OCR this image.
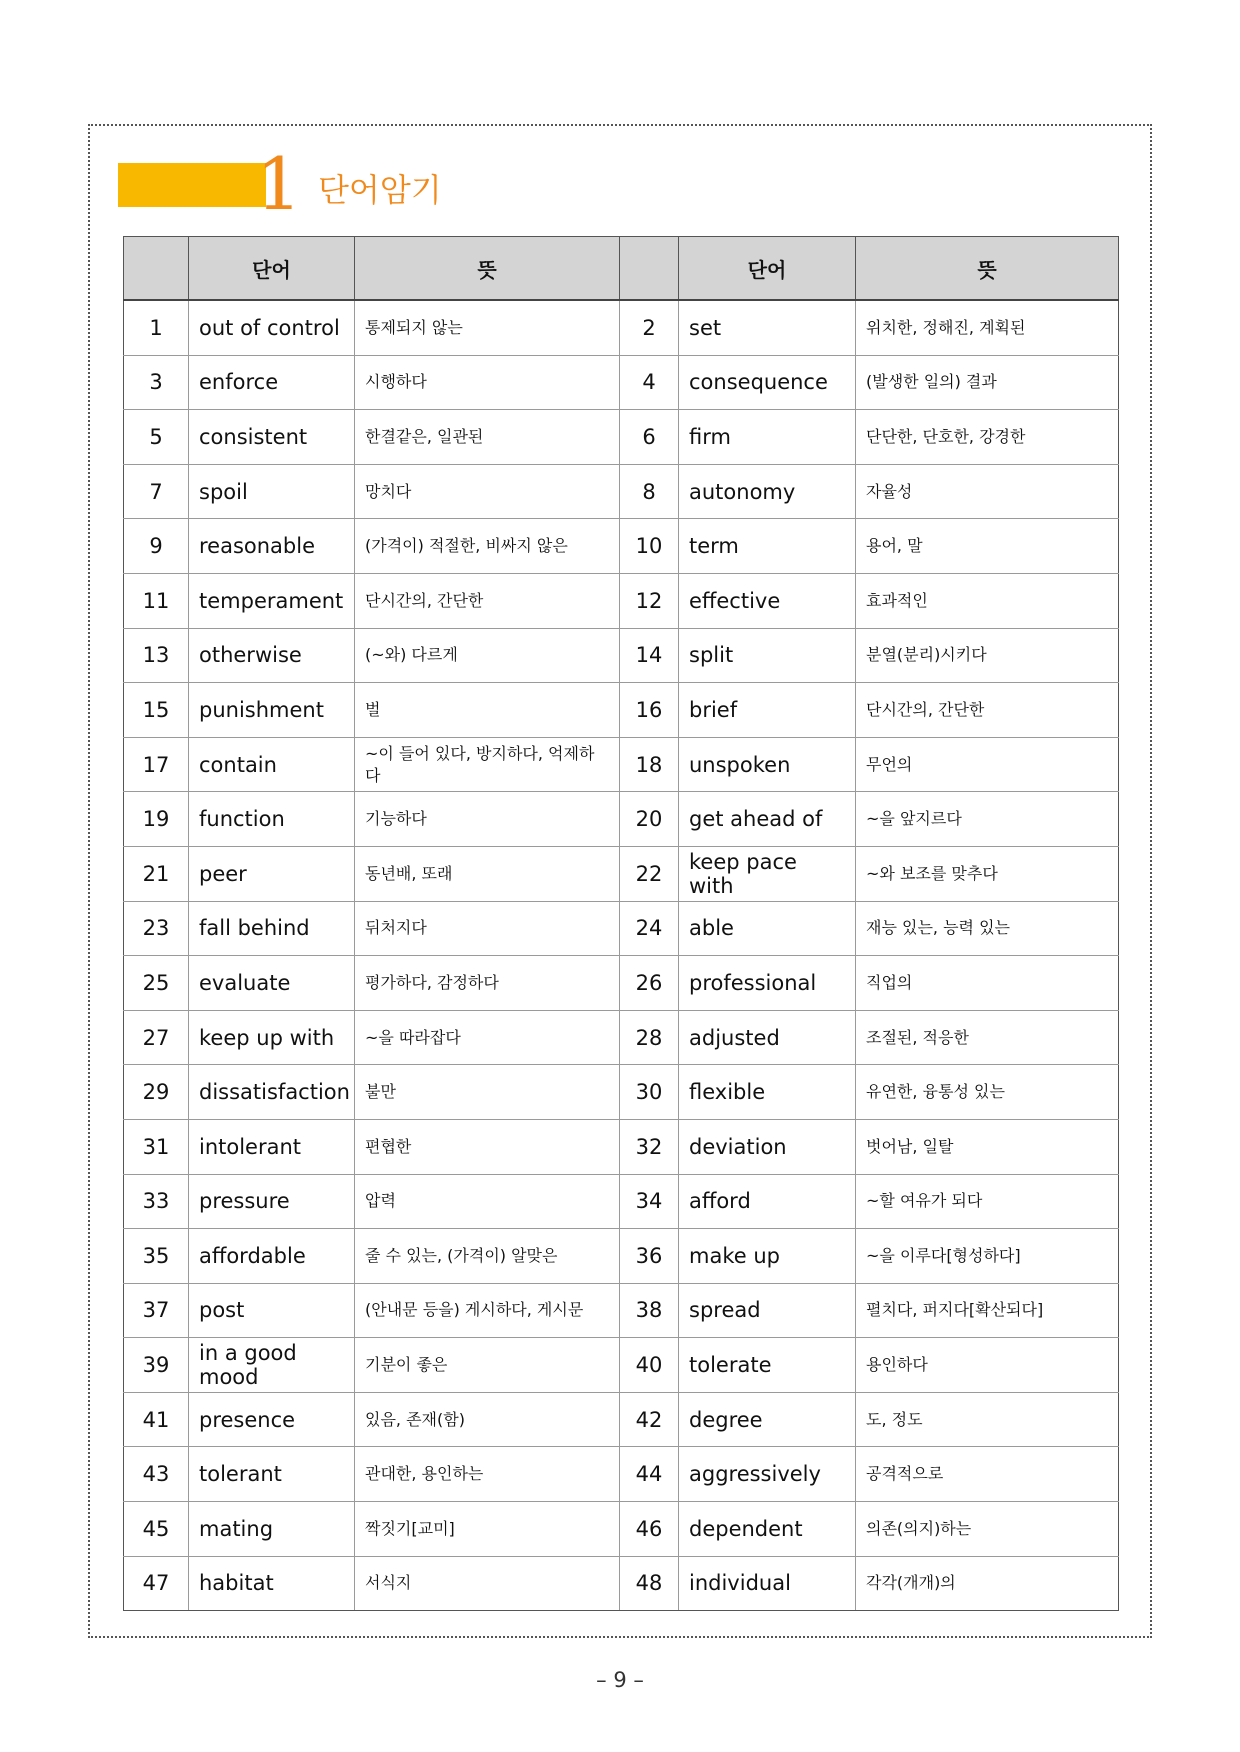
1 단어암기
	단어	뜻		단어	뜻
1	out of control	통제되지 않는	2	set	위치한, 정해진, 계획된
3	enforce	시행하다	4	consequence	(발생한 일의) 결과
5	consistent	한결같은, 일관된	6	firm	단단한, 단호한, 강경한
7	spoil	망치다	8	autonomy	자율성
9	reasonable	(가격이) 적절한, 비싸지 않은	10	term	용어, 말
11	temperament	단시간의, 간단한	12	effective	효과적인
13	otherwise	(~와) 다르게	14	split	분열(분리)시키다
15	punishment	벌	16	brief	단시간의, 간단한
17	contain	~이 들어 있다, 방지하다, 억제하다	18	unspoken	무언의
19	function	기능하다	20	get ahead of	~을 앞지르다
21	peer	동년배, 또래	22	keep pace with	~와 보조를 맞추다
23	fall behind	뒤처지다	24	able	재능 있는, 능력 있는
25	evaluate	평가하다, 감정하다	26	professional	직업의
27	keep up with	~을 따라잡다	28	adjusted	조절된, 적응한
29	dissatisfaction	불만	30	flexible	유연한, 융통성 있는
31	intolerant	편협한	32	deviation	벗어남, 일탈
33	pressure	압력	34	afford	~할 여유가 되다
35	affordable	줄 수 있는, (가격이) 알맞은	36	make up	~을 이루다[형성하다]
37	post	(안내문 등을) 게시하다, 게시문	38	spread	펼치다, 퍼지다[확산되다]
39	in a good mood	기분이 좋은	40	tolerate	용인하다
41	presence	있음, 존재(함)	42	degree	도, 정도
43	tolerant	관대한, 용인하는	44	aggressively	공격적으로
45	mating	짝짓기[교미]	46	dependent	의존(의지)하는
47	habitat	서식지	48	individual	각각(개개)의
– 9 –
